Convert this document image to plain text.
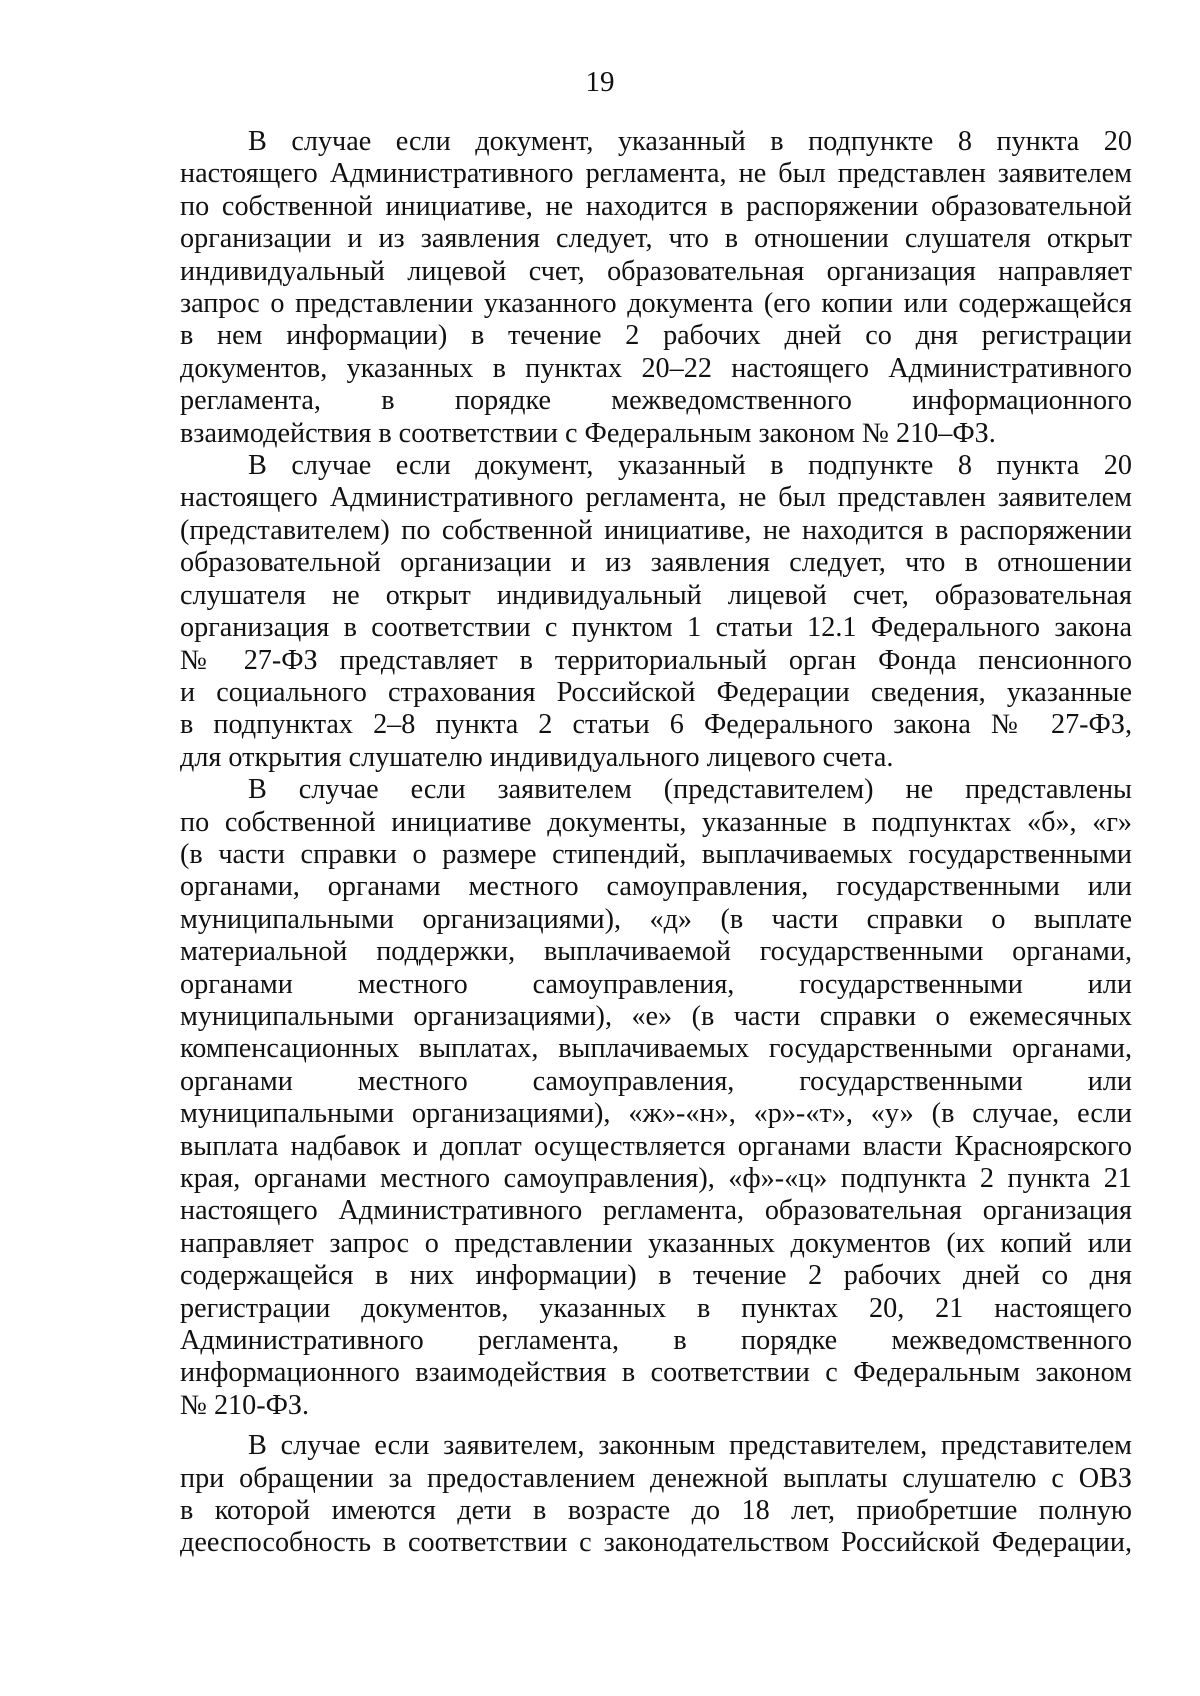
19

В случае если документ, указанный в подпункте 8 пункта 20
настоящего Административного регламента, не был представлен заявителем
по собственной инициативе, не находится в распоряжении образовательной
организации и из заявления следует, что в отношении слушателя открыт
индивидуальный лицевой счет, образовательная организация направляет
запрос о представлении указанного документа (его копии или содержащейся
в нем информации) в течение 2 рабочих дней со дня регистрации
документов, указанных в пунктах 20–22 настоящего Административного
регламента, в порядке межведомственного информационного
взаимодействия в соответствии с Федеральным законом № 210–ФЗ.

В случае если документ, указанный в подпункте 8 пункта 20
настоящего Административного регламента, не был представлен заявителем
(представителем) по собственной инициативе, не находится в распоряжении
образовательной организации и из заявления следует, что в отношении
слушателя не открыт индивидуальный лицевой счет, образовательная
организация в соответствии с пунктом 1 статьи 12.1 Федерального закона
№ 27-ФЗ представляет в территориальный орган Фонда пенсионного
и социального страхования Российской Федерации сведения, указанные
в подпунктах 2–8 пункта 2 статьи 6 Федерального закона № 27-ФЗ,
для открытия слушателю индивидуального лицевого счета.

В случае если заявителем (представителем) не представлены
по собственной инициативе документы, указанные в подпунктах «б», «г»
(в части справки о размере стипендий, выплачиваемых государственными
органами, органами местного самоуправления, государственными или
муниципальными организациями), «д» (в части справки о выплате
материальной поддержки, выплачиваемой государственными органами,
органами местного самоуправления, государственными или
муниципальными организациями), «е» (в части справки о ежемесячных
компенсационных выплатах, выплачиваемых государственными органами,
органами местного самоуправления, государственными или
муниципальными организациями), «ж»-«н», «р»-«т», «у» (в случае, если
выплата надбавок и доплат осуществляется органами власти Красноярского
края, органами местного самоуправления), «ф»-«ц» подпункта 2 пункта 21
настоящего Административного регламента, образовательная организация
направляет запрос о представлении указанных документов (их копий или
содержащейся в них информации) в течение 2 рабочих дней со дня
регистрации документов, указанных в пунктах 20, 21 настоящего
Административного регламента, в порядке межведомственного
информационного взаимодействия в соответствии с Федеральным законом
№ 210-ФЗ.

В случае если заявителем, законным представителем, представителем
при обращении за предоставлением денежной выплаты слушателю с ОВЗ
в которой имеются дети в возрасте до 18 лет, приобретшие полную
дееспособность в соответствии с законодательством Российской Федерации,
